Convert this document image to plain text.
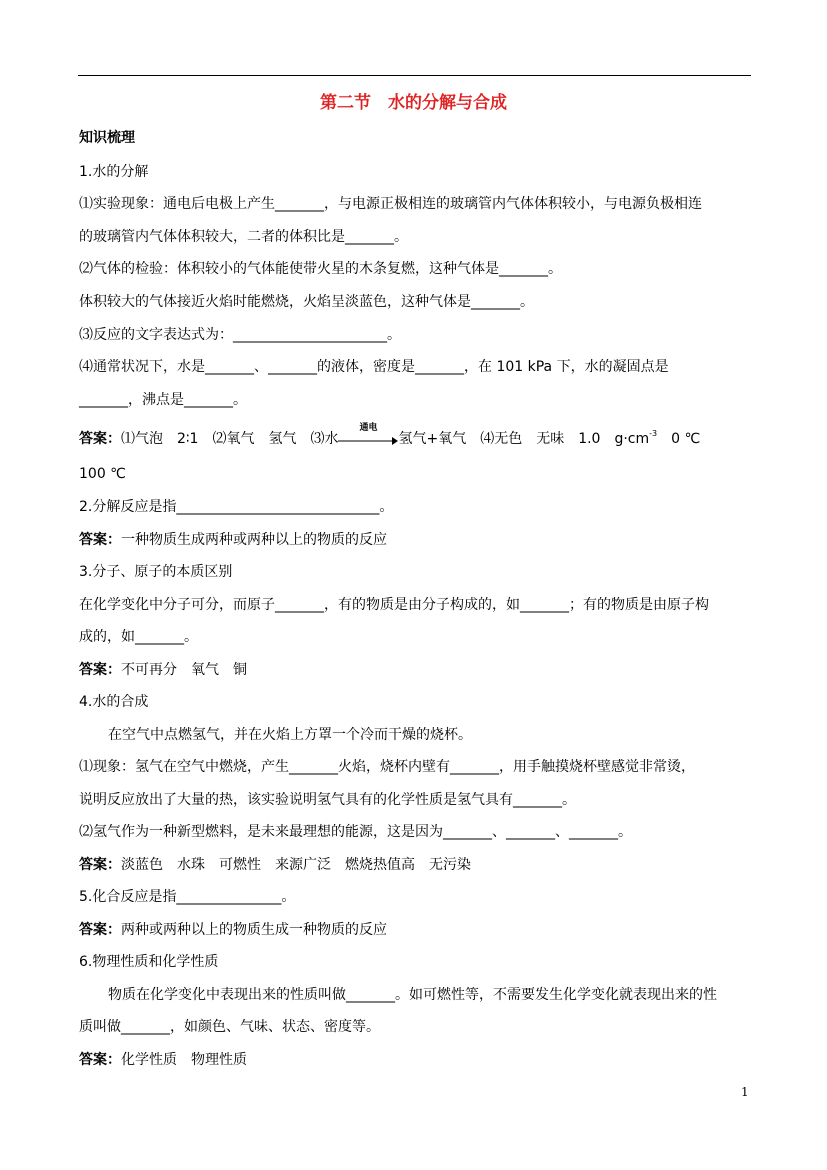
第二节　水的分解与合成
知识梳理
1.水的分解
⑴实验现象：通电后电极上产生_______，与电源正极相连的玻璃管内气体体积较小，与电源负极相连
的玻璃管内气体体积较大，二者的体积比是_______。
⑵气体的检验：体积较小的气体能使带火星的木条复燃，这种气体是_______。
体积较大的气体接近火焰时能燃烧，火焰呈淡蓝色，这种气体是_______。
⑶反应的文字表达式为：______________________。
⑷通常状况下，水是_______、_______的液体，密度是_______，在 101 kPa 下，水的凝固点是
_______，沸点是_______。
答案：⑴气泡　2∶1　⑵氧气　氢气　⑶水
通电
氢气+氧气　⑷无色　无味　1.0　$g\cdot cm^{-3}$　0 ℃
100 ℃
2.分解反应是指_____________________________。
答案：一种物质生成两种或两种以上的物质的反应
3.分子、原子的本质区别
在化学变化中分子可分，而原子_______，有的物质是由分子构成的，如_______；有的物质是由原子构
成的，如_______。
答案：不可再分　氧气　铜
4.水的合成
在空气中点燃氢气，并在火焰上方罩一个冷而干燥的烧杯。
⑴现象：氢气在空气中燃烧，产生_______火焰，烧杯内壁有_______，用手触摸烧杯壁感觉非常烫，
说明反应放出了大量的热，该实验说明氢气具有的化学性质是氢气具有_______。
⑵氢气作为一种新型燃料，是未来最理想的能源，这是因为_______、_______、_______。
答案：淡蓝色　水珠　可燃性　来源广泛　燃烧热值高　无污染
5.化合反应是指_______________。
答案：两种或两种以上的物质生成一种物质的反应
6.物理性质和化学性质
物质在化学变化中表现出来的性质叫做_______。如可燃性等，不需要发生化学变化就表现出来的性
质叫做_______，如颜色、气味、状态、密度等。
答案：化学性质　物理性质
1
